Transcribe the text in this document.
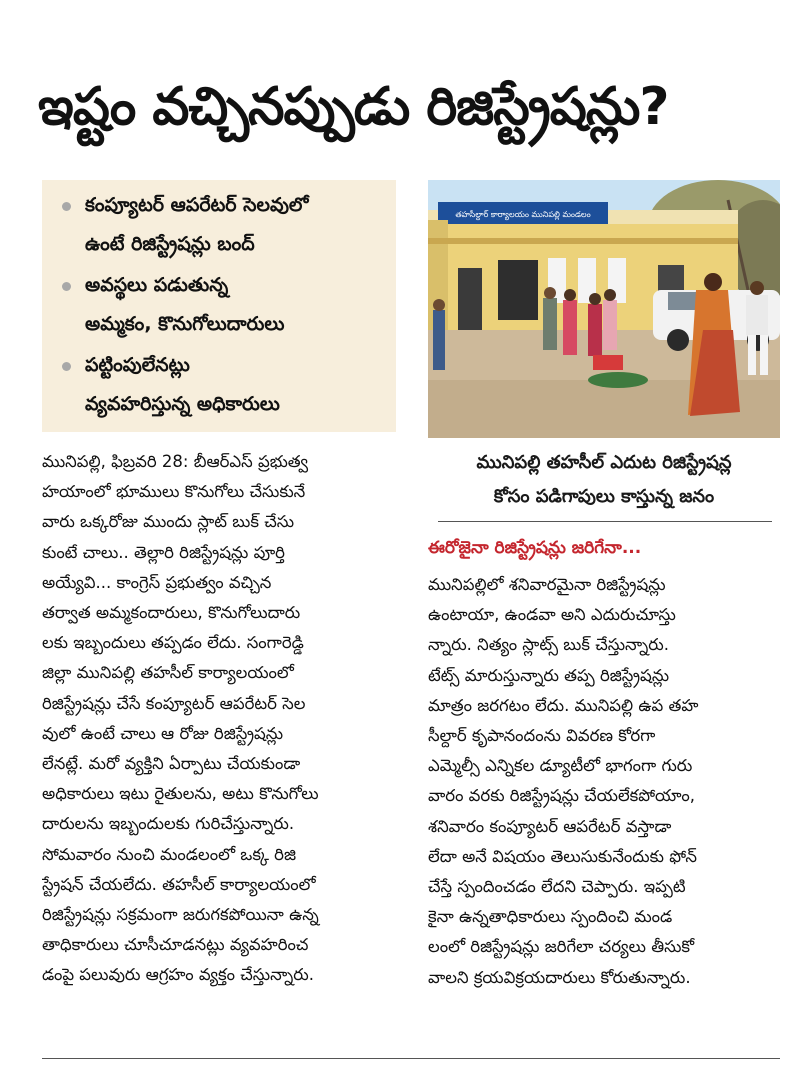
ఇష్టం వచ్చినప్పుడు రిజిస్ట్రేషన్లు?
కంప్యూటర్ ఆపరేటర్ సెలవులో
ఉంటే రిజిస్ట్రేషన్లు బంద్
అవస్థలు పడుతున్న
అమ్మకం, కొనుగోలుదారులు
పట్టింపులేనట్లు
వ్యవహరిస్తున్న అధికారులు
తహసీల్దార్ కార్యాలయం మునిపల్లి మండలం
మునిపల్లి తహసీల్ ఎదుట రిజిస్ట్రేషన్ల
కోసం పడిగాపులు కాస్తున్న జనం
మునిపల్లి, ఫిబ్రవరి 28: బీఆర్ఎస్ ప్రభుత్వ
హయాంలో భూములు కొనుగోలు చేసుకునే
వారు ఒక్కరోజు ముందు స్లాట్ బుక్ చేసు
కుంటే చాలు.. తెల్లారి రిజిస్ట్రేషన్లు పూర్తి
అయ్యేవి... కాంగ్రెస్ ప్రభుత్వం వచ్చిన
తర్వాత అమ్మకందారులు, కొనుగోలుదారు
లకు ఇబ్బందులు తప్పడం లేదు. సంగారెడ్డి
జిల్లా మునిపల్లి తహసీల్ కార్యాలయంలో
రిజిస్ట్రేషన్లు చేసే కంప్యూటర్ ఆపరేటర్ సెల
వులో ఉంటే చాలు ఆ రోజు రిజిస్ట్రేషన్లు
లేనట్లే. మరో వ్యక్తిని ఏర్పాటు చేయకుండా
అధికారులు ఇటు రైతులను, అటు కొనుగోలు
దారులను ఇబ్బందులకు గురిచేస్తున్నారు.
సోమవారం నుంచి మండలంలో ఒక్క రిజి
స్ట్రేషన్ చేయలేదు. తహసీల్ కార్యాలయంలో
రిజిస్ట్రేషన్లు సక్రమంగా జరుగకపోయినా ఉన్న
తాధికారులు చూసీచూడనట్లు వ్యవహరించ
డంపై పలువురు ఆగ్రహం వ్యక్తం చేస్తున్నారు.
ఈరోజైనా రిజిస్ట్రేషన్లు జరిగేనా...
మునిపల్లిలో శనివారమైనా రిజిస్ట్రేషన్లు
ఉంటాయా, ఉండవా అని ఎదురుచూస్తు
న్నారు. నిత్యం స్లాట్స్ బుక్ చేస్తున్నారు.
టేట్స్ మారుస్తున్నారు తప్ప రిజిస్ట్రేషన్లు
మాత్రం జరగటం లేదు. మునిపల్లి ఉప తహ
సీల్దార్ కృపానందంను వివరణ కోరగా
ఎమ్మెల్సీ ఎన్నికల డ్యూటీలో భాగంగా గురు
వారం వరకు రిజిస్ట్రేషన్లు చేయలేకపోయాం,
శనివారం కంప్యూటర్ ఆపరేటర్ వస్తాడా
లేదా అనే విషయం తెలుసుకునేందుకు ఫోన్
చేస్తే స్పందించడం లేదని చెప్పారు. ఇప్పటి
కైనా ఉన్నతాధికారులు స్పందించి మండ
లంలో రిజిస్ట్రేషన్లు జరిగేలా చర్యలు తీసుకో
వాలని క్రయవిక్రయదారులు కోరుతున్నారు.
